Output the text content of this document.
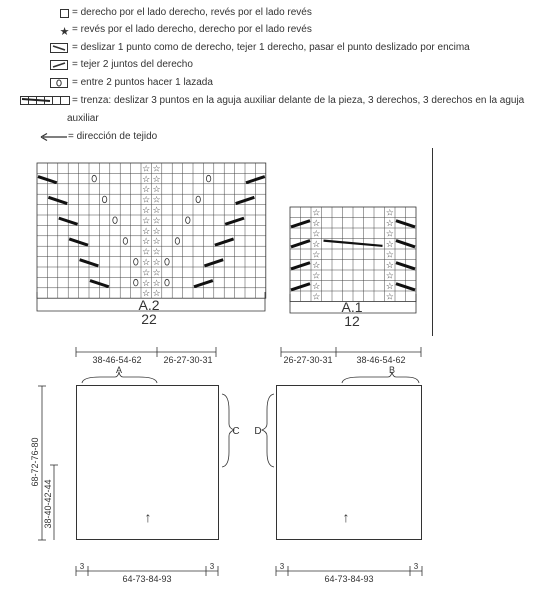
= derecho por el lado derecho, revés por el lado revés
★ = revés por el lado derecho, derecho por el lado revés
= deslizar 1 punto como de derecho, tejer 1 derecho, pasar el punto deslizado por encima
= tejer 2 juntos del derecho
= entre 2 puntos hacer 1 lazada
= trenza: deslizar 3 puntos en la aguja auxiliar delante de la pieza, 3 derechos, 3 derechos en la aguja
auxiliar
= dirección de tejido
☆ ☆
☆ ☆
☆ ☆
☆ ☆
☆ ☆
☆ ☆
☆ ☆
☆ ☆
☆ ☆
☆ ☆
☆ ☆
☆ ☆
☆ ☆
A.2
22
☆	☆
☆	☆
☆	☆
☆	☆
☆	☆
☆	☆
☆	☆
☆	☆
☆	☆
A.1
12
38-46-54-62 26-27-30-31	26-27-30-31	38-46-54-62
A
C
↑
68-72-76-80
38-40-42-44
B
D
↑
3	3
64-73-84-93
3	3
64-73-84-93
